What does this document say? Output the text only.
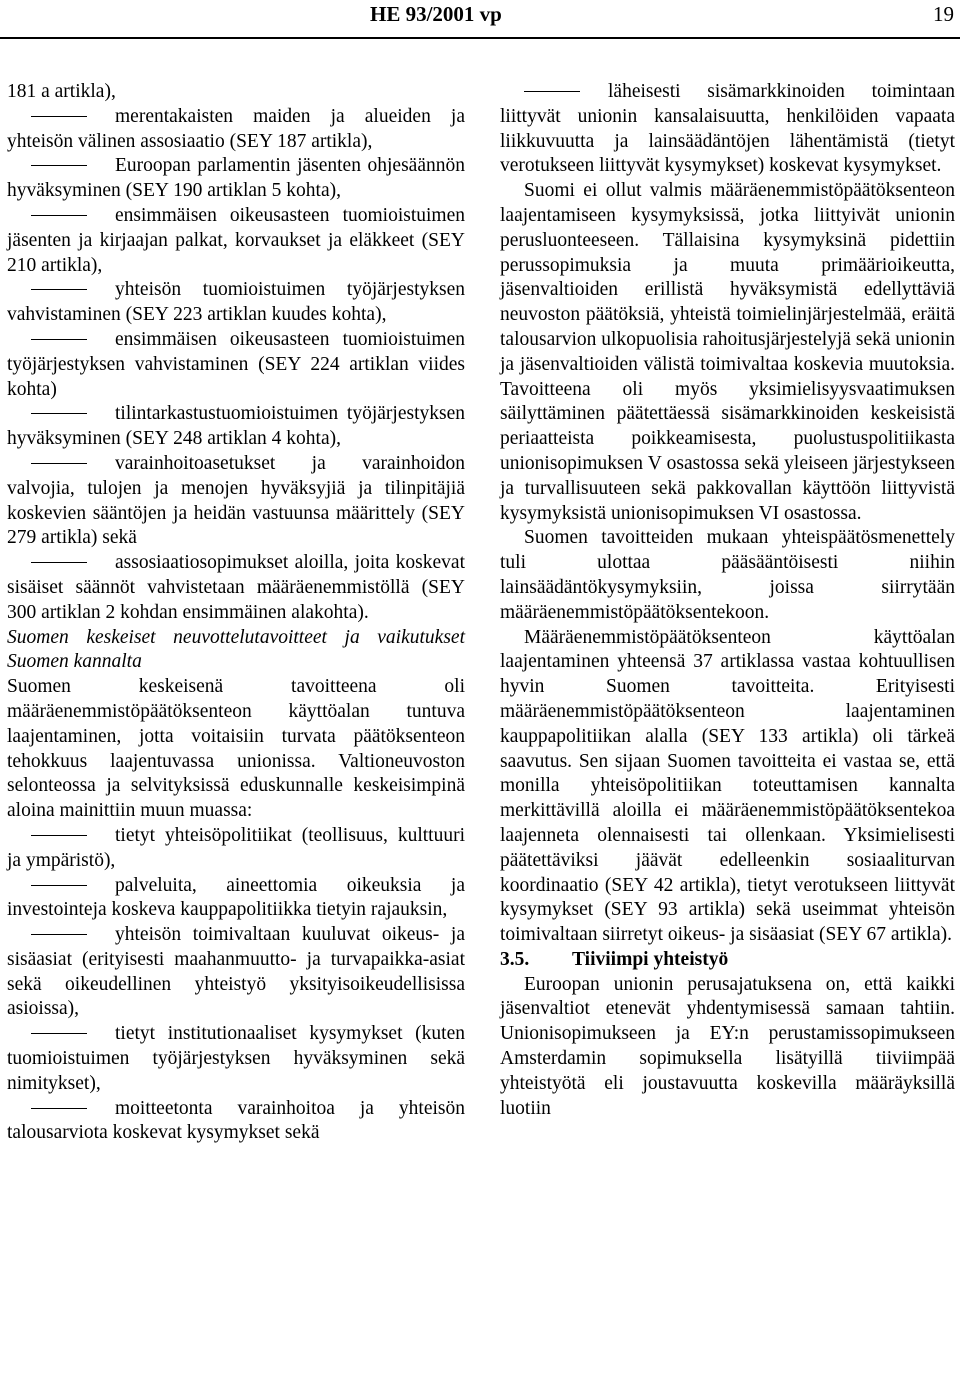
HE 93/2001 vp	19

181 a artikla),

merentakaisten maiden ja alueiden ja yhteisön välinen assosiaatio (SEY 187 artikla),

Euroopan parlamentin jäsenten ohjesäännön hyväksyminen (SEY 190 artiklan 5 kohta),

ensimmäisen oikeusasteen tuomioistuimen jäsenten ja kirjaajan palkat, korvaukset ja eläkkeet (SEY 210 artikla),

yhteisön tuomioistuimen työjärjestyksen vahvistaminen (SEY 223 artiklan kuudes kohta),

ensimmäisen oikeusasteen tuomioistuimen työjärjestyksen vahvistaminen (SEY 224 artiklan viides kohta)

tilintarkastustuomioistuimen työjärjestyksen hyväksyminen (SEY 248 artiklan 4 kohta),

varainhoitoasetukset ja varainhoidon valvojia, tulojen ja menojen hyväksyjiä ja tilinpitäjiä koskevien sääntöjen ja heidän vastuunsa määrittely (SEY 279 artikla) sekä

assosiaatiosopimukset aloilla, joita koskevat sisäiset säännöt vahvistetaan määräenemmistöllä (SEY 300 artiklan 2 kohdan ensimmäinen alakohta).

Suomen keskeiset neuvottelutavoitteet ja vaikutukset Suomen kannalta

Suomen keskeisenä tavoitteena oli määräenemmistöpäätöksenteon käyttöalan tuntuva laajentaminen, jotta voitaisiin turvata päätöksenteon tehokkuus laajentuvassa unionissa. Valtioneuvoston selonteossa ja selvityksissä eduskunnalle keskeisimpinä aloina mainittiin muun muassa:

tietyt yhteisöpolitiikat (teollisuus, kulttuuri ja ympäristö),

palveluita, aineettomia oikeuksia ja investointeja koskeva kauppapolitiikka tietyin rajauksin,

yhteisön toimivaltaan kuuluvat oikeus- ja sisäasiat (erityisesti maahanmuutto- ja turvapaikka-asiat sekä oikeudellinen yhteistyö yksityisoikeudellisissa asioissa),

tietyt institutionaaliset kysymykset (kuten tuomioistuimen työjärjestyksen hyväksyminen sekä nimitykset),

moitteetonta varainhoitoa ja yhteisön talousarviota koskevat kysymykset sekä

läheisesti sisämarkkinoiden toimintaan liittyvät unionin kansalaisuutta, henkilöiden vapaata liikkuvuutta ja lainsäädäntöjen lähentämistä (tietyt verotukseen liittyvät kysymykset) koskevat kysymykset.

Suomi ei ollut valmis määräenemmistöpäätöksenteon laajentamiseen kysymyksissä, jotka liittyivät unionin perusluonteeseen. Tällaisina kysymyksinä pidettiin perussopimuksia ja muuta primäärioikeutta, jäsenvaltioiden erillistä hyväksymistä edellyttäviä neuvoston päätöksiä, yhteistä toimielinjärjestelmää, eräitä talousarvion ulkopuolisia rahoitusjärjestelyjä sekä unionin ja jäsenvaltioiden välistä toimivaltaa koskevia muutoksia. Tavoitteena oli myös yksimielisyysvaatimuksen säilyttäminen päätettäessä sisämarkkinoiden keskeisistä periaatteista poikkeamisesta, puolustuspolitiikasta unionisopimuksen V osastossa sekä yleiseen järjestykseen ja turvallisuuteen sekä pakkovallan käyttöön liittyvistä kysymyksistä unionisopimuksen VI osastossa.

Suomen tavoitteiden mukaan yhteispäätösmenettely tuli ulottaa pääsääntöisesti niihin lainsäädäntökysymyksiin, joissa siirrytään määräenemmistöpäätöksentekoon.

Määräenemmistöpäätöksenteon käyttöalan laajentaminen yhteensä 37 artiklassa vastaa kohtuullisen hyvin Suomen tavoitteita. Erityisesti määräenemmistöpäätöksenteon laajentaminen kauppapolitiikan alalla (SEY 133 artikla) oli tärkeä saavutus. Sen sijaan Suomen tavoitteita ei vastaa se, että monilla yhteisöpolitiikan toteuttamisen kannalta merkittävillä aloilla ei määräenemmistöpäätöksentekoa laajenneta olennaisesti tai ollenkaan. Yksimielisesti päätettäviksi jäävät edelleenkin sosiaaliturvan koordinaatio (SEY 42 artikla), tietyt verotukseen liittyvät kysymykset (SEY 93 artikla) sekä useimmat yhteisön toimivaltaan siirretyt oikeus- ja sisäasiat (SEY 67 artikla).

3.5. Tiiviimpi yhteistyö

Euroopan unionin perusajatuksena on, että kaikki jäsenvaltiot etenevät yhdentymisessä samaan tahtiin. Unionisopimukseen ja EY:n perustamissopimukseen Amsterdamin sopimuksella lisätyillä tiiviimpää yhteistyötä eli joustavuutta koskevilla määräyksillä luotiin
